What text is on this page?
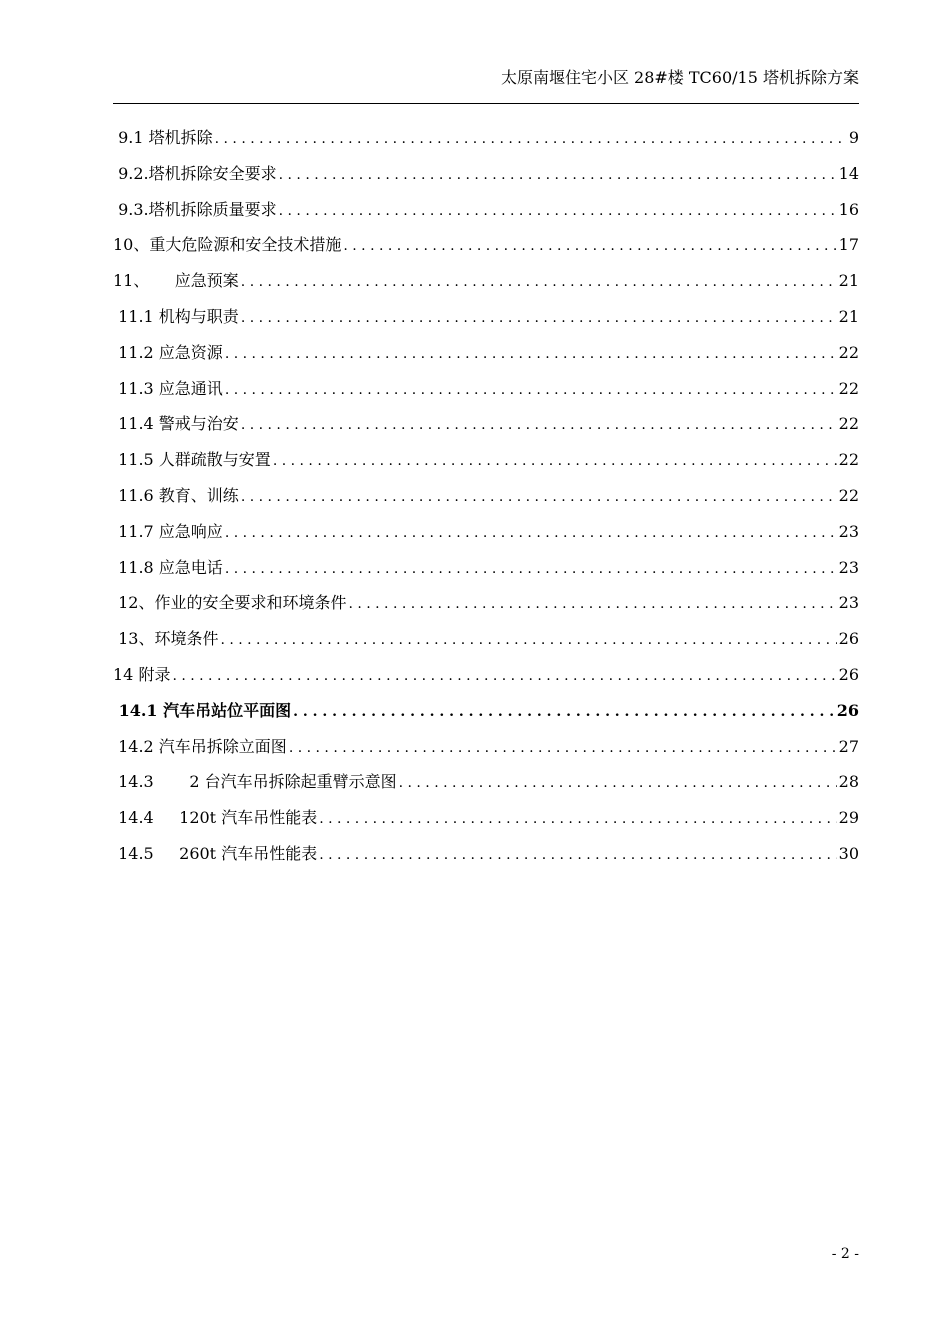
太原南堰住宅小区 28#楼 TC60/15 塔机拆除方案
9.1 塔机拆除 . . .	9
9.2.塔机拆除安全要求 . . .	14
9.3.塔机拆除质量要求 . . .	16
10、重大危险源和安全技术措施 . . .	17
11、     应急预案 . . .	21
11.1 机构与职责 . . .	21
11.2 应急资源 . . .	22
11.3 应急通讯 . . .	22
11.4 警戒与治安 . . .	22
11.5 人群疏散与安置 . . .	22
11.6 教育、训练 . . .	22
11.7 应急响应 . . .	23
11.8 应急电话 . . .	23
12、作业的安全要求和环境条件 . . .	23
13、环境条件 . . .	26
14 附录 . . .	26
14.1 汽车吊站位平面图 . . .	26
14.2 汽车吊拆除立面图 . . .	27
14.3       2 台汽车吊拆除起重臂示意图 . . .	28
14.4     120t 汽车吊性能表 . . .	29
14.5     260t 汽车吊性能表 . . .	30
- 2 -
